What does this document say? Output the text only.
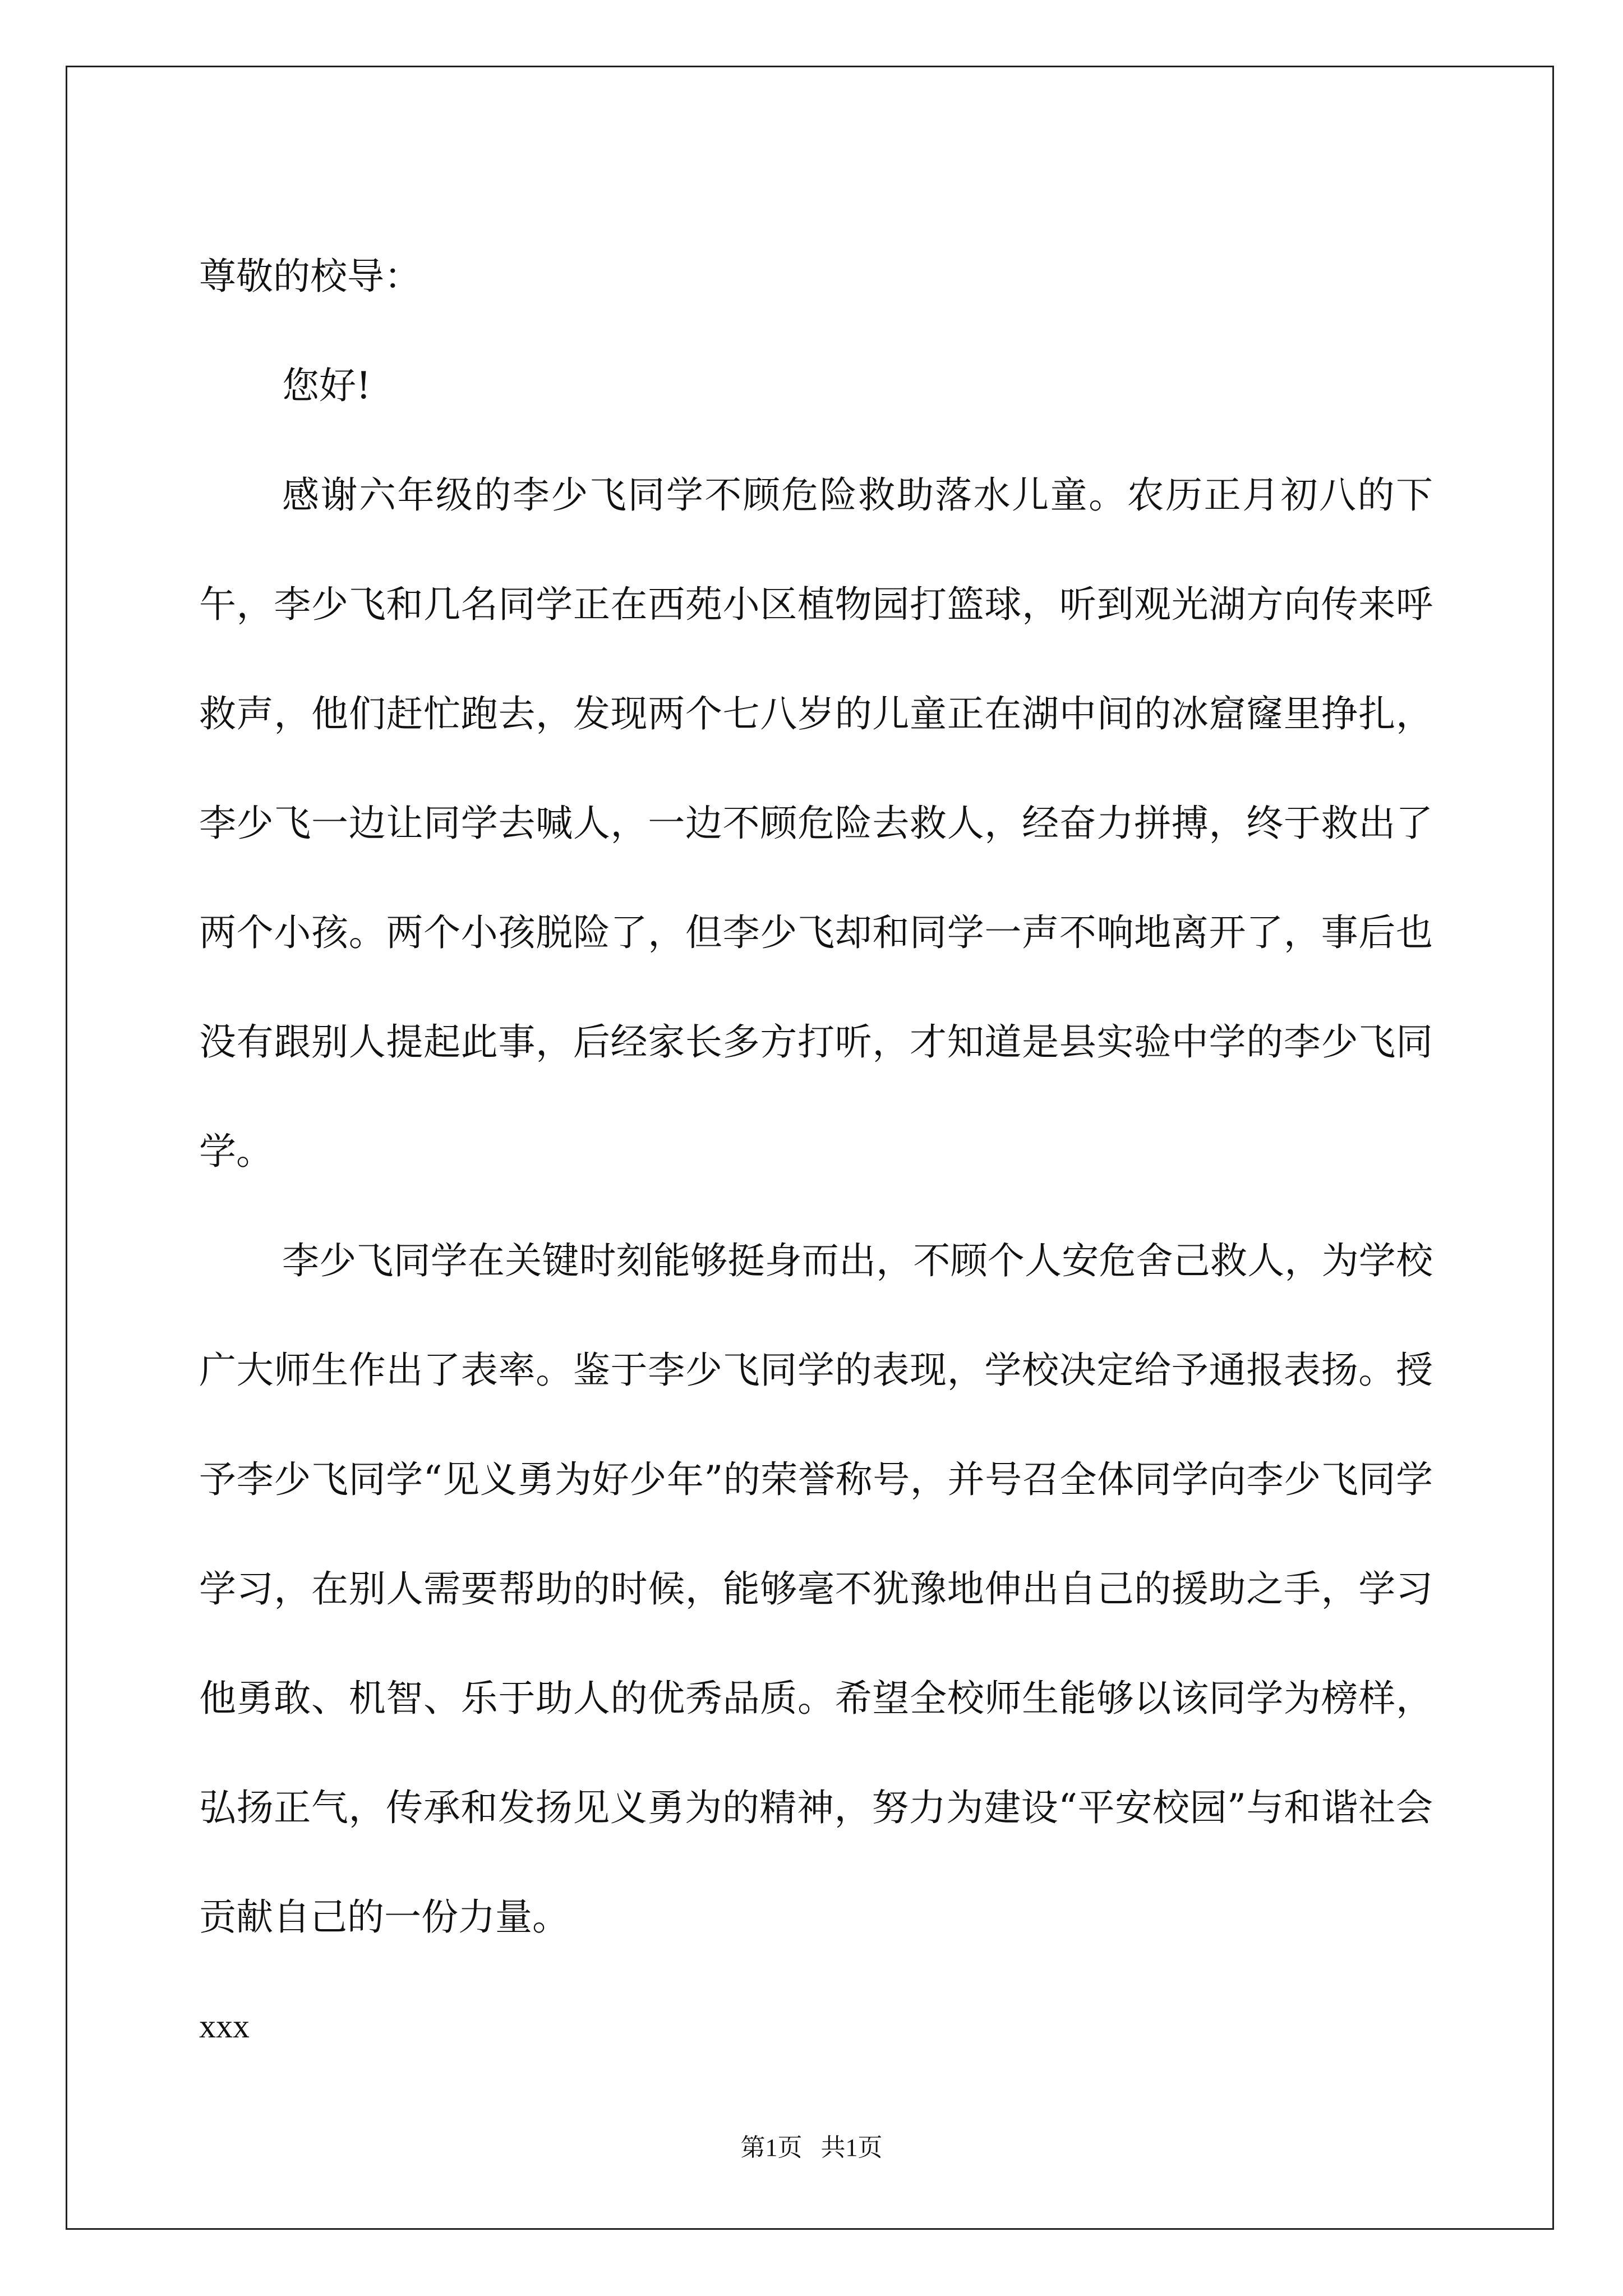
尊敬的校导：

您好!

感谢六年级的李少飞同学不顾危险救助落水儿童。农历正月初八的下午，李少飞和几名同学正在西苑小区植物园打篮球，听到观光湖方向传来呼救声，他们赶忙跑去，发现两个七八岁的儿童正在湖中间的冰窟窿里挣扎，李少飞一边让同学去喊人，一边不顾危险去救人，经奋力拼搏，终于救出了两个小孩。两个小孩脱险了，但李少飞却和同学一声不响地离开了，事后也没有跟别人提起此事，后经家长多方打听，才知道是县实验中学的李少飞同学。

李少飞同学在关键时刻能够挺身而出，不顾个人安危舍己救人，为学校广大师生作出了表率。鉴于李少飞同学的表现，学校决定给予通报表扬。授予李少飞同学“见义勇为好少年”的荣誉称号，并号召全体同学向李少飞同学学习，在别人需要帮助的时候，能够毫不犹豫地伸出自己的援助之手，学习他勇敢、机智、乐于助人的优秀品质。希望全校师生能够以该同学为榜样，弘扬正气，传承和发扬见义勇为的精神，努力为建设“平安校园”与和谐社会贡献自己的一份力量。

xxx

第1页   共1页
